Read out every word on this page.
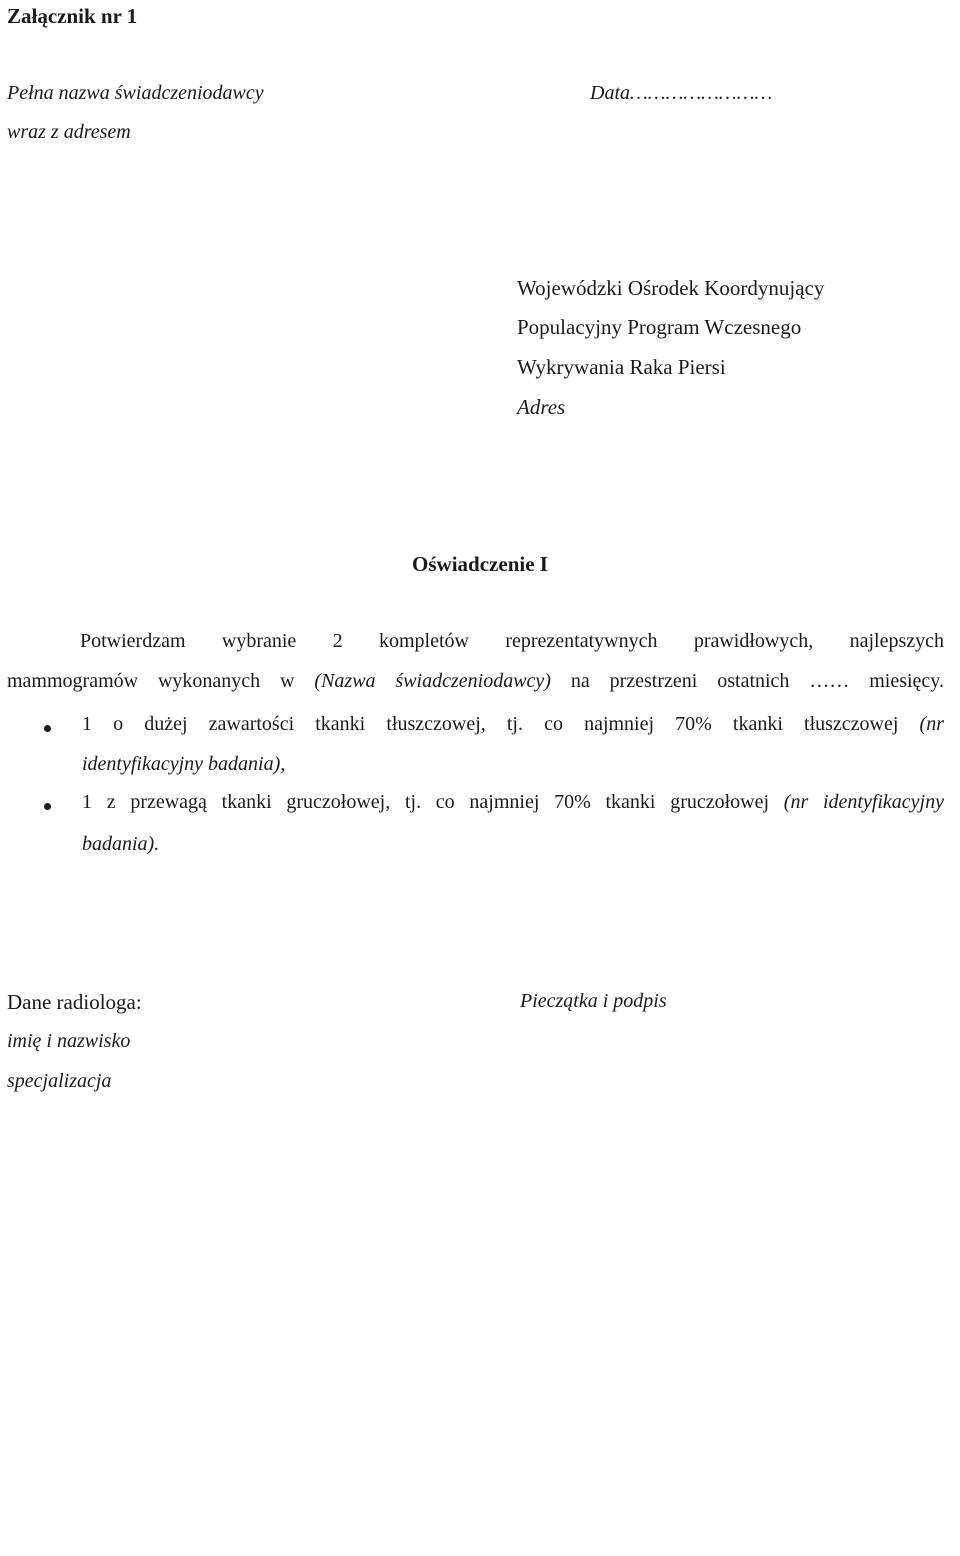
Załącznik nr 1
Pełna nazwa świadczeniodawcy
wraz z adresem
Data……………………
Wojewódzki Ośrodek Koordynujący
Populacyjny Program Wczesnego
Wykrywania Raka Piersi
Adres
Oświadczenie I
Potwierdzam wybranie 2 kompletów reprezentatywnych prawidłowych, najlepszych
mammogramów wykonanych w (Nazwa świadczeniodawcy) na przestrzeni ostatnich …… miesięcy.
1 o dużej zawartości tkanki tłuszczowej, tj. co najmniej 70% tkanki tłuszczowej (nr
identyfikacyjny badania),
1 z przewagą tkanki gruczołowej, tj. co najmniej 70% tkanki gruczołowej (nr identyfikacyjny
badania).
Dane radiologa:
imię i nazwisko
specjalizacja
Pieczątka i podpis
